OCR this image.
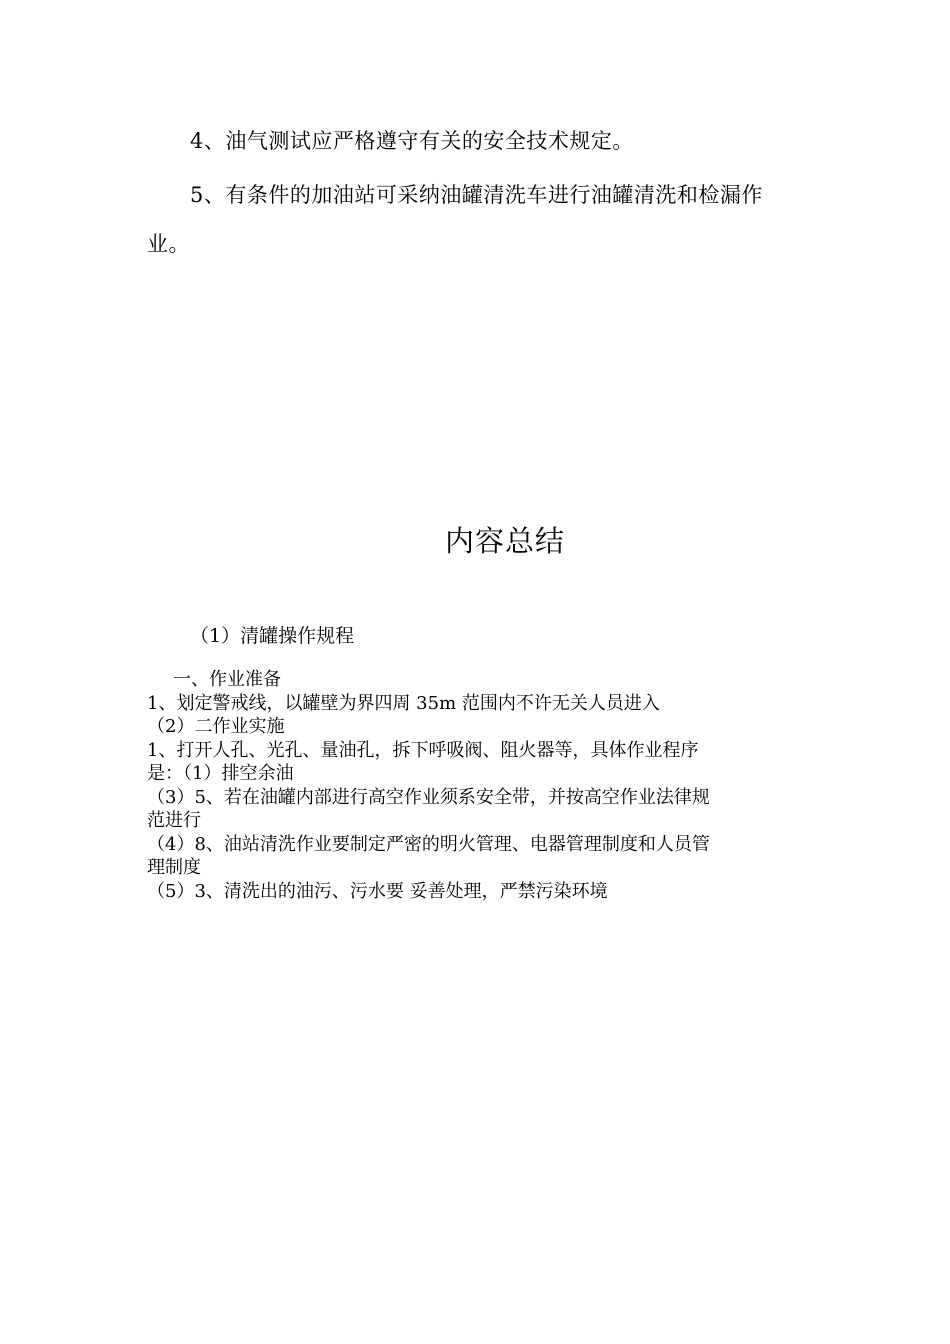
4、油气测试应严格遵守有关的安全技术规定。
5、有条件的加油站可采纳油罐清洗车进行油罐清洗和检漏作
业。
内容总结
（1）清罐操作规程
一、作业准备
1、划定警戒线，以罐壁为界四周 35m 范围内不许无关人员进入
（2）二作业实施
1、打开人孔、光孔、量油孔，拆下呼吸阀、阻火器等，具体作业程序
是：（1）排空余油
（3）5、若在油罐内部进行高空作业须系安全带，并按高空作业法律规
范进行
（4）8、油站清洗作业要制定严密的明火管理、电器管理制度和人员管
理制度
（5）3、清洗出的油污、污水要 妥善处理，严禁污染环境
